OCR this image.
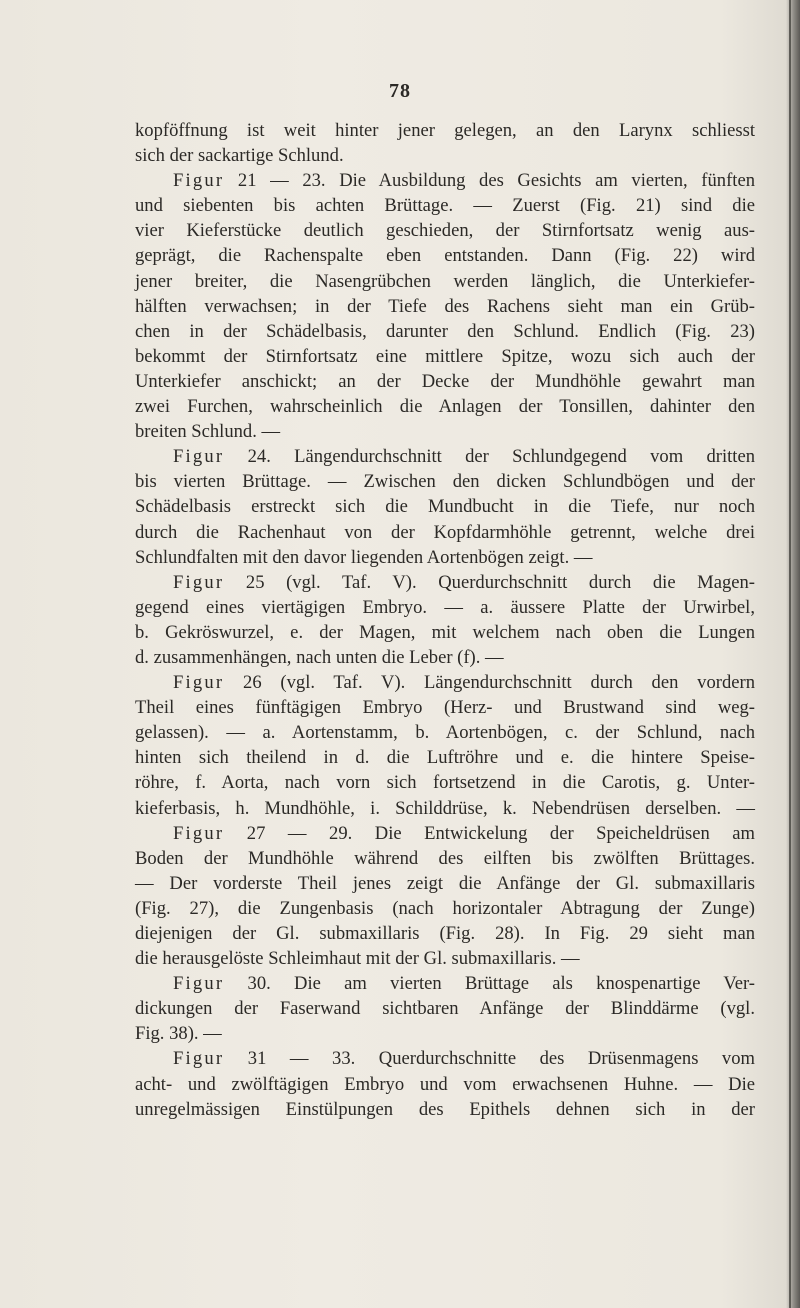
78
kopföffnung ist weit hinter jener gelegen, an den Larynx schliesst
sich der sackartige Schlund.
Figur 21 — 23. Die Ausbildung des Gesichts am vierten, fünften
und siebenten bis achten Brüttage. — Zuerst (Fig. 21) sind die
vier Kieferstücke deutlich geschieden, der Stirnfortsatz wenig aus-
geprägt, die Rachenspalte eben entstanden. Dann (Fig. 22) wird
jener breiter, die Nasengrübchen werden länglich, die Unterkiefer-
hälften verwachsen; in der Tiefe des Rachens sieht man ein Grüb-
chen in der Schädelbasis, darunter den Schlund. Endlich (Fig. 23)
bekommt der Stirnfortsatz eine mittlere Spitze, wozu sich auch der
Unterkiefer anschickt; an der Decke der Mundhöhle gewahrt man
zwei Furchen, wahrscheinlich die Anlagen der Tonsillen, dahinter den
breiten Schlund. —
Figur 24. Längendurchschnitt der Schlundgegend vom dritten
bis vierten Brüttage. — Zwischen den dicken Schlundbögen und der
Schädelbasis erstreckt sich die Mundbucht in die Tiefe, nur noch
durch die Rachenhaut von der Kopfdarmhöhle getrennt, welche drei
Schlundfalten mit den davor liegenden Aortenbögen zeigt. —
Figur 25 (vgl. Taf. V). Querdurchschnitt durch die Magen-
gegend eines viertägigen Embryo. — a. äussere Platte der Urwirbel,
b. Gekröswurzel, e. der Magen, mit welchem nach oben die Lungen
d. zusammenhängen, nach unten die Leber (f). —
Figur 26 (vgl. Taf. V). Längendurchschnitt durch den vordern
Theil eines fünftägigen Embryo (Herz- und Brustwand sind weg-
gelassen). — a. Aortenstamm, b. Aortenbögen, c. der Schlund, nach
hinten sich theilend in d. die Luftröhre und e. die hintere Speise-
röhre, f. Aorta, nach vorn sich fortsetzend in die Carotis, g. Unter-
kieferbasis, h. Mundhöhle, i. Schilddrüse, k. Nebendrüsen derselben. —
Figur 27 — 29. Die Entwickelung der Speicheldrüsen am
Boden der Mundhöhle während des eilften bis zwölften Brüttages.
— Der vorderste Theil jenes zeigt die Anfänge der Gl. submaxillaris
(Fig. 27), die Zungenbasis (nach horizontaler Abtragung der Zunge)
diejenigen der Gl. submaxillaris (Fig. 28). In Fig. 29 sieht man
die herausgelöste Schleimhaut mit der Gl. submaxillaris. —
Figur 30. Die am vierten Brüttage als knospenartige Ver-
dickungen der Faserwand sichtbaren Anfänge der Blinddärme (vgl.
Fig. 38). —
Figur 31 — 33. Querdurchschnitte des Drüsenmagens vom
acht- und zwölftägigen Embryo und vom erwachsenen Huhne. — Die
unregelmässigen Einstülpungen des Epithels dehnen sich in der
